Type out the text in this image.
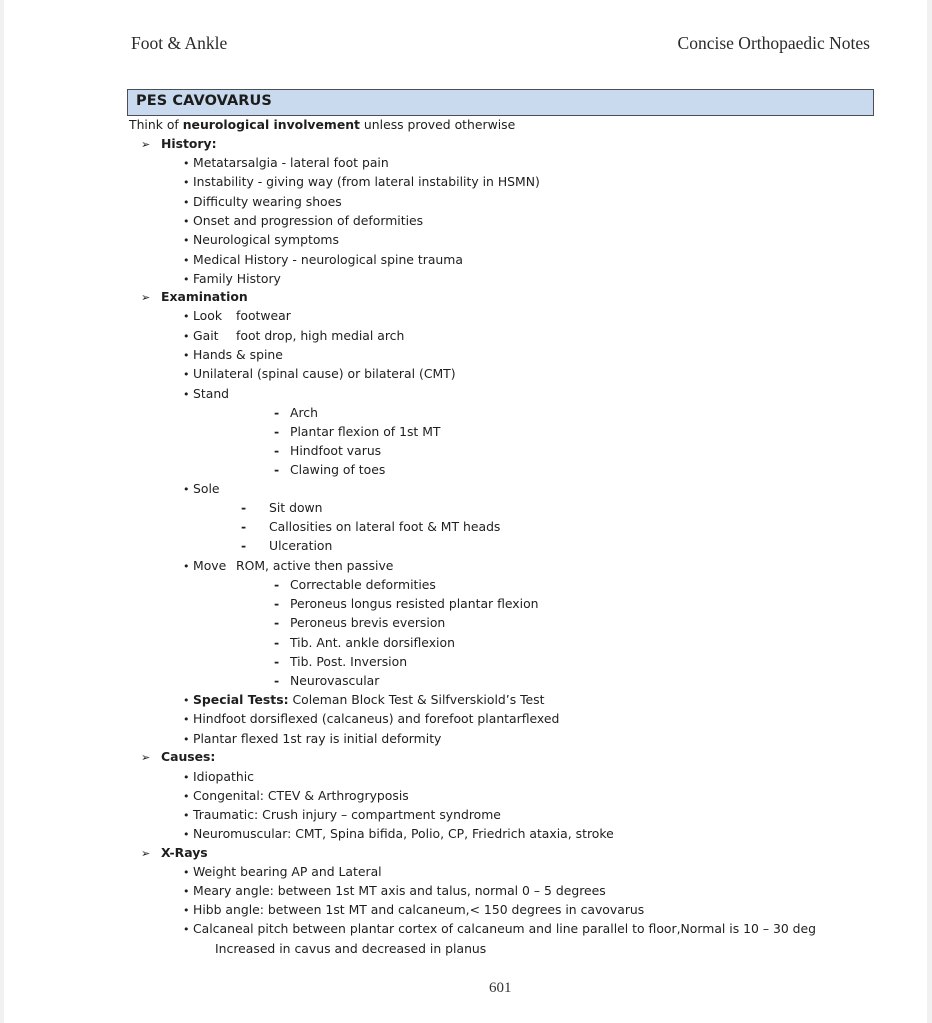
Foot & Ankle	Concise Orthopaedic Notes
PES CAVOVARUS
Think of neurological involvement unless proved otherwise
➢ History:
• Metatarsalgia - lateral foot pain
• Instability - giving way (from lateral instability in HSMN)
• Difficulty wearing shoes
• Onset and progression of deformities
• Neurological symptoms
• Medical History - neurological spine trauma
• Family History
➢ Examination
• Look footwear
• Gait foot drop, high medial arch
• Hands & spine
• Unilateral (spinal cause) or bilateral (CMT)
• Stand
- Arch
- Plantar flexion of 1st MT
- Hindfoot varus
- Clawing of toes
• Sole
- Sit down
- Callosities on lateral foot & MT heads
- Ulceration
• Move ROM, active then passive
- Correctable deformities
- Peroneus longus resisted plantar flexion
- Peroneus brevis eversion
- Tib. Ant. ankle dorsiflexion
- Tib. Post. Inversion
- Neurovascular
• Special Tests: Coleman Block Test & Silfverskiold’s Test
• Hindfoot dorsiflexed (calcaneus) and forefoot plantarflexed
• Plantar flexed 1st ray is initial deformity
➢ Causes:
• Idiopathic
• Congenital: CTEV & Arthrogryposis
• Traumatic: Crush injury – compartment syndrome
• Neuromuscular: CMT, Spina bifida, Polio, CP, Friedrich ataxia, stroke
➢ X-Rays
• Weight bearing AP and Lateral
• Meary angle: between 1st MT axis and talus, normal 0 – 5 degrees
• Hibb angle: between 1st MT and calcaneum,< 150 degrees in cavovarus
• Calcaneal pitch between plantar cortex of calcaneum and line parallel to floor,Normal is 10 – 30 deg
Increased in cavus and decreased in planus
601
